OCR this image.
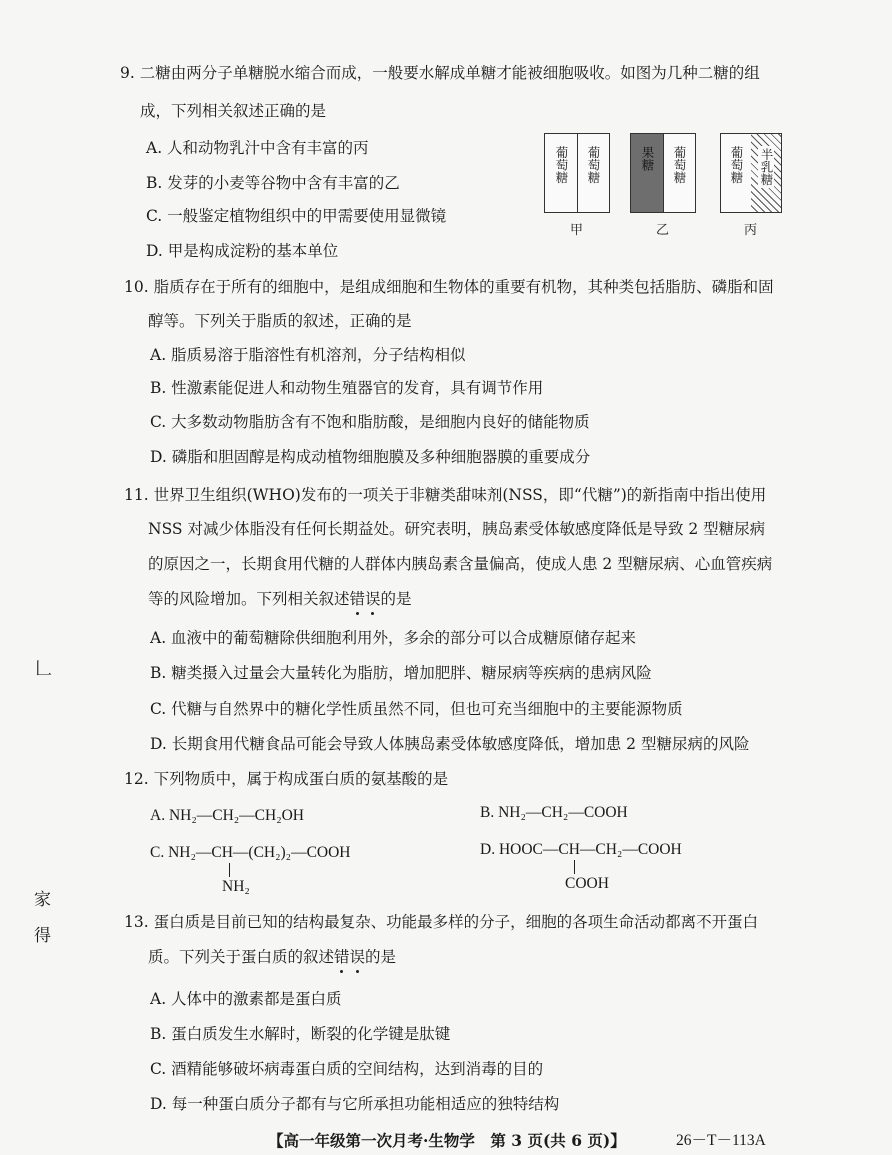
9. 二糖由两分子单糖脱水缩合而成，一般要水解成单糖才能被细胞吸收。如图为几种二糖的组
成，下列相关叙述正确的是
A. 人和动物乳汁中含有丰富的丙
B. 发芽的小麦等谷物中含有丰富的乙
C. 一般鉴定植物组织中的甲需要使用显微镜
D. 甲是构成淀粉的基本单位
葡萄糖 葡萄糖
甲
果糖 葡萄糖
乙
葡萄糖 半乳糖
丙
10. 脂质存在于所有的细胞中，是组成细胞和生物体的重要有机物，其种类包括脂肪、磷脂和固
醇等。下列关于脂质的叙述，正确的是
A. 脂质易溶于脂溶性有机溶剂，分子结构相似
B. 性激素能促进人和动物生殖器官的发育，具有调节作用
C. 大多数动物脂肪含有不饱和脂肪酸，是细胞内良好的储能物质
D. 磷脂和胆固醇是构成动植物细胞膜及多种细胞器膜的重要成分
11. 世界卫生组织(WHO)发布的一项关于非糖类甜味剂(NSS，即“代糖”)的新指南中指出使用
NSS 对减少体脂没有任何长期益处。研究表明，胰岛素受体敏感度降低是导致 2 型糖尿病
的原因之一，长期食用代糖的人群体内胰岛素含量偏高，使成人患 2 型糖尿病、心血管疾病
等的风险增加。下列相关叙述错
误
的是
A. 血液中的葡萄糖除供细胞利用外，多余的部分可以合成糖原储存起来
B. 糖类摄入过量会大量转化为脂肪，增加肥胖、糖尿病等疾病的患病风险
C. 代糖与自然界中的糖化学性质虽然不同，但也可充当细胞中的主要能源物质
D. 长期食用代糖食品可能会导致人体胰岛素受体敏感度降低，增加患 2 型糖尿病的风险
12. 下列物质中，属于构成蛋白质的氨基酸的是
A. NH₂—CH₂—CH₂OH	B. NH₂—CH₂—COOH
C. NH₂—CH—(CH₂)₂—COOH
NH₂
D. HOOC—CH—CH₂—COOH
COOH
13. 蛋白质是目前已知的结构最复杂、功能最多样的分子，细胞的各项生命活动都离不开蛋白
质。下列关于蛋白质的叙述错
误
的是
A. 人体中的激素都是蛋白质
B. 蛋白质发生水解时，断裂的化学键是肽键
C. 酒精能够破坏病毒蛋白质的空间结构，达到消毒的目的
D. 每一种蛋白质分子都有与它所承担功能相适应的独特结构
𠃊
家
得
【高一年级第一次月考·生物学　第 3 页(共 6 页)】	26－T－113A
